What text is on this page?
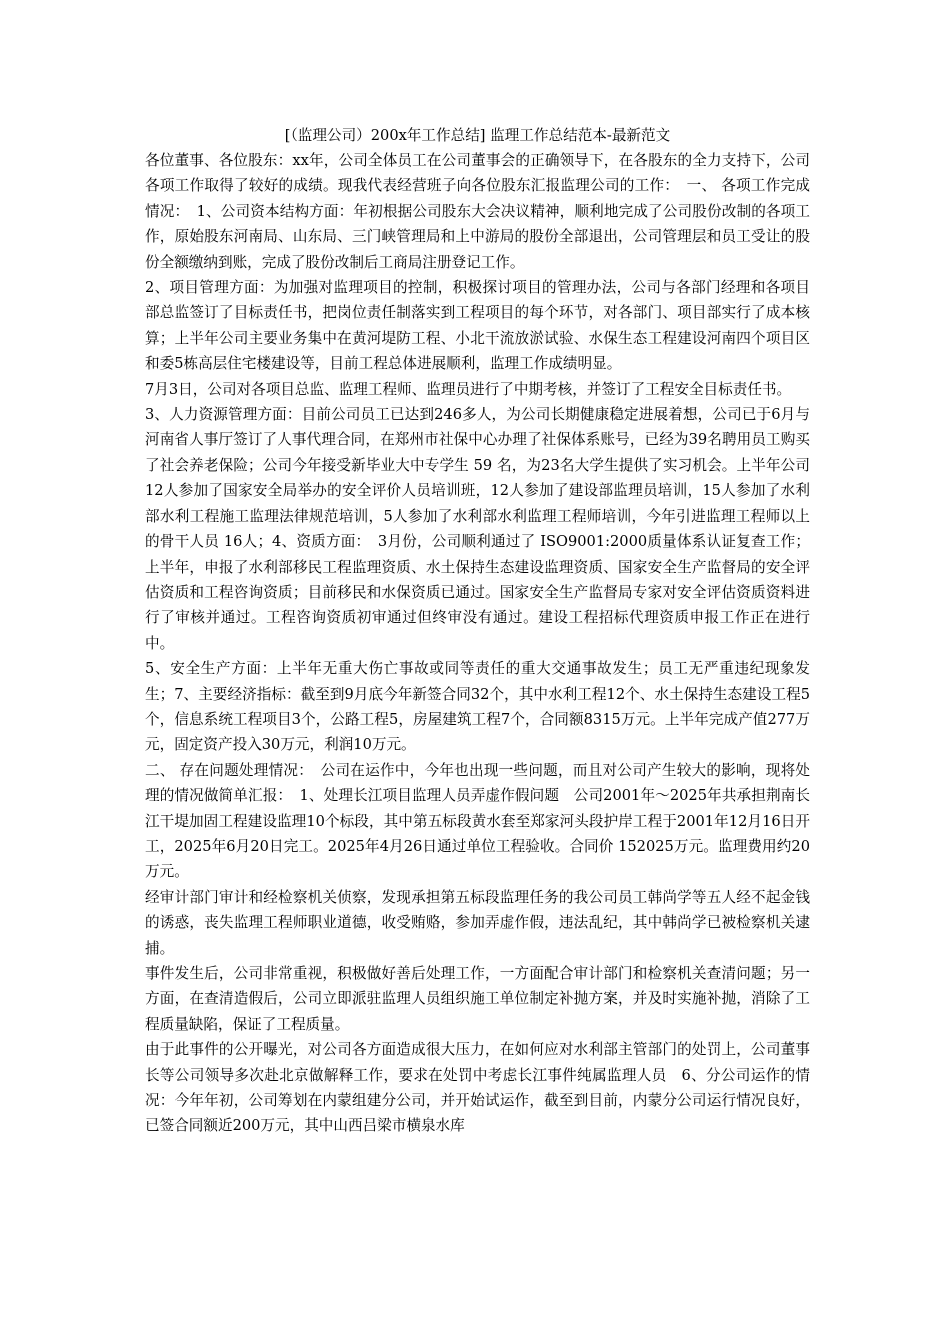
[（监理公司）200x年工作总结] 监理工作总结范本-最新范文

各位董事、各位股东：xx年，公司全体员工在公司董事会的正确领导下，在各股东的全力支持下，公司各项工作取得了较好的成绩。现我代表经营班子向各位股东汇报监理公司的工作：　一、 各项工作完成情况：　1、公司资本结构方面：年初根据公司股东大会决议精神，顺利地完成了公司股份改制的各项工作，原始股东河南局、山东局、三门峡管理局和上中游局的股份全部退出，公司管理层和员工受让的股份全额缴纳到账，完成了股份改制后工商局注册登记工作。

2、项目管理方面：为加强对监理项目的控制，积极探讨项目的管理办法，公司与各部门经理和各项目部总监签订了目标责任书，把岗位责任制落实到工程项目的每个环节，对各部门、项目部实行了成本核算；上半年公司主要业务集中在黄河堤防工程、小北干流放淤试验、水保生态工程建设河南四个项目区和委5栋高层住宅楼建设等，目前工程总体进展顺利，监理工作成绩明显。

7月3日，公司对各项目总监、监理工程师、监理员进行了中期考核，并签订了工程安全目标责任书。

3、人力资源管理方面：目前公司员工已达到246多人，为公司长期健康稳定进展着想，公司已于6月与河南省人事厅签订了人事代理合同，在郑州市社保中心办理了社保体系账号，已经为39名聘用员工购买了社会养老保险；公司今年接受新毕业大中专学生 59 名，为23名大学生提供了实习机会。上半年公司12人参加了国家安全局举办的安全评价人员培训班，12人参加了建设部监理员培训，15人参加了水利部水利工程施工监理法律规范培训，5人参加了水利部水利监理工程师培训，今年引进监理工程师以上的骨干人员 16人；4、资质方面：　3月份，公司顺利通过了 ISO9001:2000质量体系认证复查工作；上半年，申报了水利部移民工程监理资质、水土保持生态建设监理资质、国家安全生产监督局的安全评估资质和工程咨询资质；目前移民和水保资质已通过。国家安全生产监督局专家对安全评估资质资料进行了审核并通过。工程咨询资质初审通过但终审没有通过。建设工程招标代理资质申报工作正在进行中。

5、安全生产方面：上半年无重大伤亡事故或同等责任的重大交通事故发生；员工无严重违纪现象发生；7、主要经济指标：截至到9月底今年新签合同32个，其中水利工程12个、水土保持生态建设工程5个，信息系统工程项目3个，公路工程5，房屋建筑工程7个，合同额8315万元。上半年完成产值277万元，固定资产投入30万元，利润10万元。

二、 存在问题处理情况：　公司在运作中，今年也出现一些问题，而且对公司产生较大的影响，现将处理的情况做简单汇报：　1、处理长江项目监理人员弄虚作假问题　公司2001年～2025年共承担荆南长江干堤加固工程建设监理10个标段，其中第五标段黄水套至郑家河头段护岸工程于2001年12月16日开工，2025年6月20日完工。2025年4月26日通过单位工程验收。合同价 152025万元。监理费用约20万元。

经审计部门审计和经检察机关侦察，发现承担第五标段监理任务的我公司员工韩尚学等五人经不起金钱的诱惑，丧失监理工程师职业道德，收受贿赂，参加弄虚作假，违法乱纪，其中韩尚学已被检察机关逮捕。

事件发生后，公司非常重视，积极做好善后处理工作，一方面配合审计部门和检察机关查清问题；另一方面，在查清造假后，公司立即派驻监理人员组织施工单位制定补抛方案，并及时实施补抛，消除了工程质量缺陷，保证了工程质量。

由于此事件的公开曝光，对公司各方面造成很大压力，在如何应对水利部主管部门的处罚上，公司董事长等公司领导多次赴北京做解释工作，要求在处罚中考虑长江事件纯属监理人员　6、分公司运作的情况：今年年初，公司筹划在内蒙组建分公司，并开始试运作，截至到目前，内蒙分公司运行情况良好，已签合同额近200万元，其中山西吕梁市横泉水库
